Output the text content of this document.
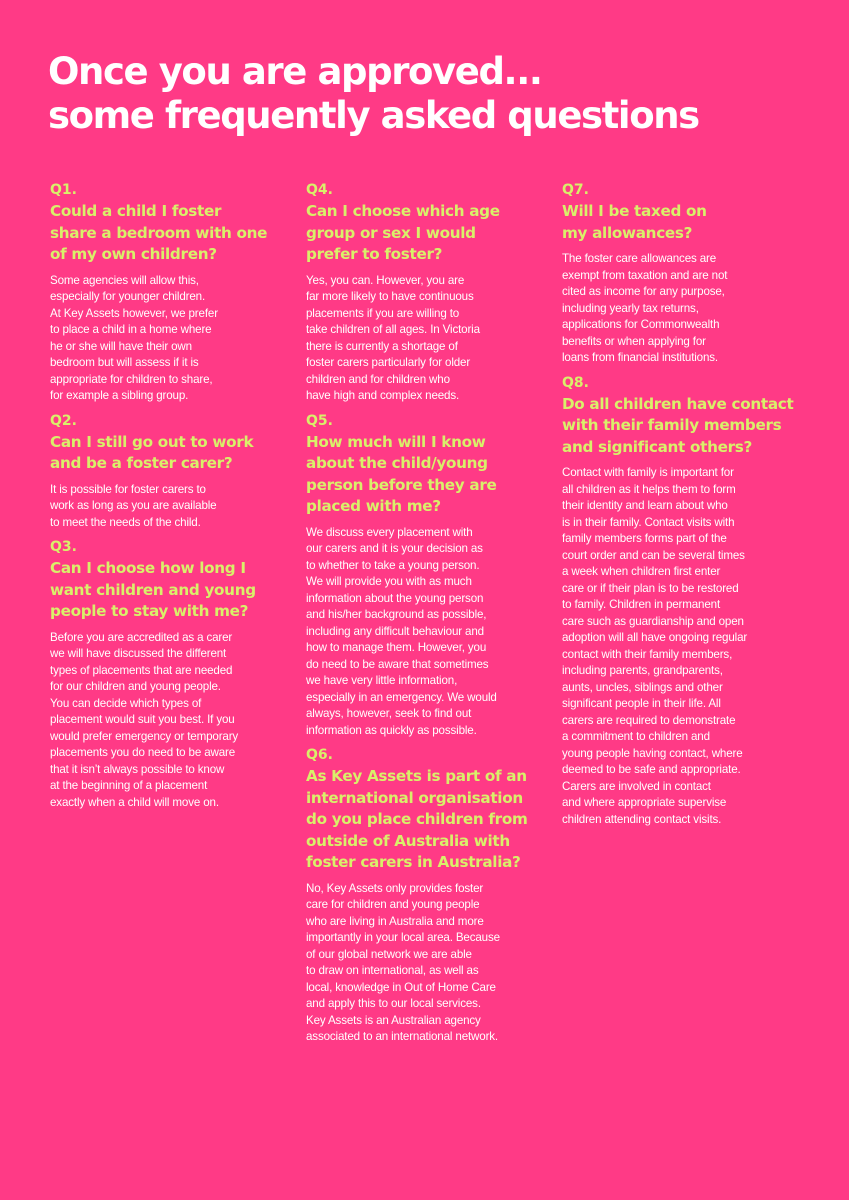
Once you are approved...
some frequently asked questions
Q1.
Could a child I foster
share a bedroom with one
of my own children?
Some agencies will allow this,
especially for younger children.
At Key Assets however, we prefer
to place a child in a home where
he or she will have their own
bedroom but will assess if it is
appropriate for children to share,
for example a sibling group.
Q2.
Can I still go out to work
and be a foster carer?
It is possible for foster carers to
work as long as you are available
to meet the needs of the child.
Q3.
Can I choose how long I
want children and young
people to stay with me?
Before you are accredited as a carer
we will have discussed the different
types of placements that are needed
for our children and young people.
You can decide which types of
placement would suit you best. If you
would prefer emergency or temporary
placements you do need to be aware
that it isn’t always possible to know
at the beginning of a placement
exactly when a child will move on.
Q4.
Can I choose which age
group or sex I would
prefer to foster?
Yes, you can. However, you are
far more likely to have continuous
placements if you are willing to
take children of all ages. In Victoria
there is currently a shortage of
foster carers particularly for older
children and for children who
have high and complex needs.
Q5.
How much will I know
about the child/young
person before they are
placed with me?
We discuss every placement with
our carers and it is your decision as
to whether to take a young person.
We will provide you with as much
information about the young person
and his/her background as possible,
including any difficult behaviour and
how to manage them. However, you
do need to be aware that sometimes
we have very little information,
especially in an emergency. We would
always, however, seek to find out
information as quickly as possible.
Q6.
As Key Assets is part of an
international organisation
do you place children from
outside of Australia with
foster carers in Australia?
No, Key Assets only provides foster
care for children and young people
who are living in Australia and more
importantly in your local area. Because
of our global network we are able
to draw on international, as well as
local, knowledge in Out of Home Care
and apply this to our local services.
Key Assets is an Australian agency
associated to an international network.
Q7.
Will I be taxed on
my allowances?
The foster care allowances are
exempt from taxation and are not
cited as income for any purpose,
including yearly tax returns,
applications for Commonwealth
benefits or when applying for
loans from financial institutions.
Q8.
Do all children have contact
with their family members
and significant others?
Contact with family is important for
all children as it helps them to form
their identity and learn about who
is in their family. Contact visits with
family members forms part of the
court order and can be several times
a week when children first enter
care or if their plan is to be restored
to family. Children in permanent
care such as guardianship and open
adoption will all have ongoing regular
contact with their family members,
including parents, grandparents,
aunts, uncles, siblings and other
significant people in their life. All
carers are required to demonstrate
a commitment to children and
young people having contact, where
deemed to be safe and appropriate.
Carers are involved in contact
and where appropriate supervise
children attending contact visits.
